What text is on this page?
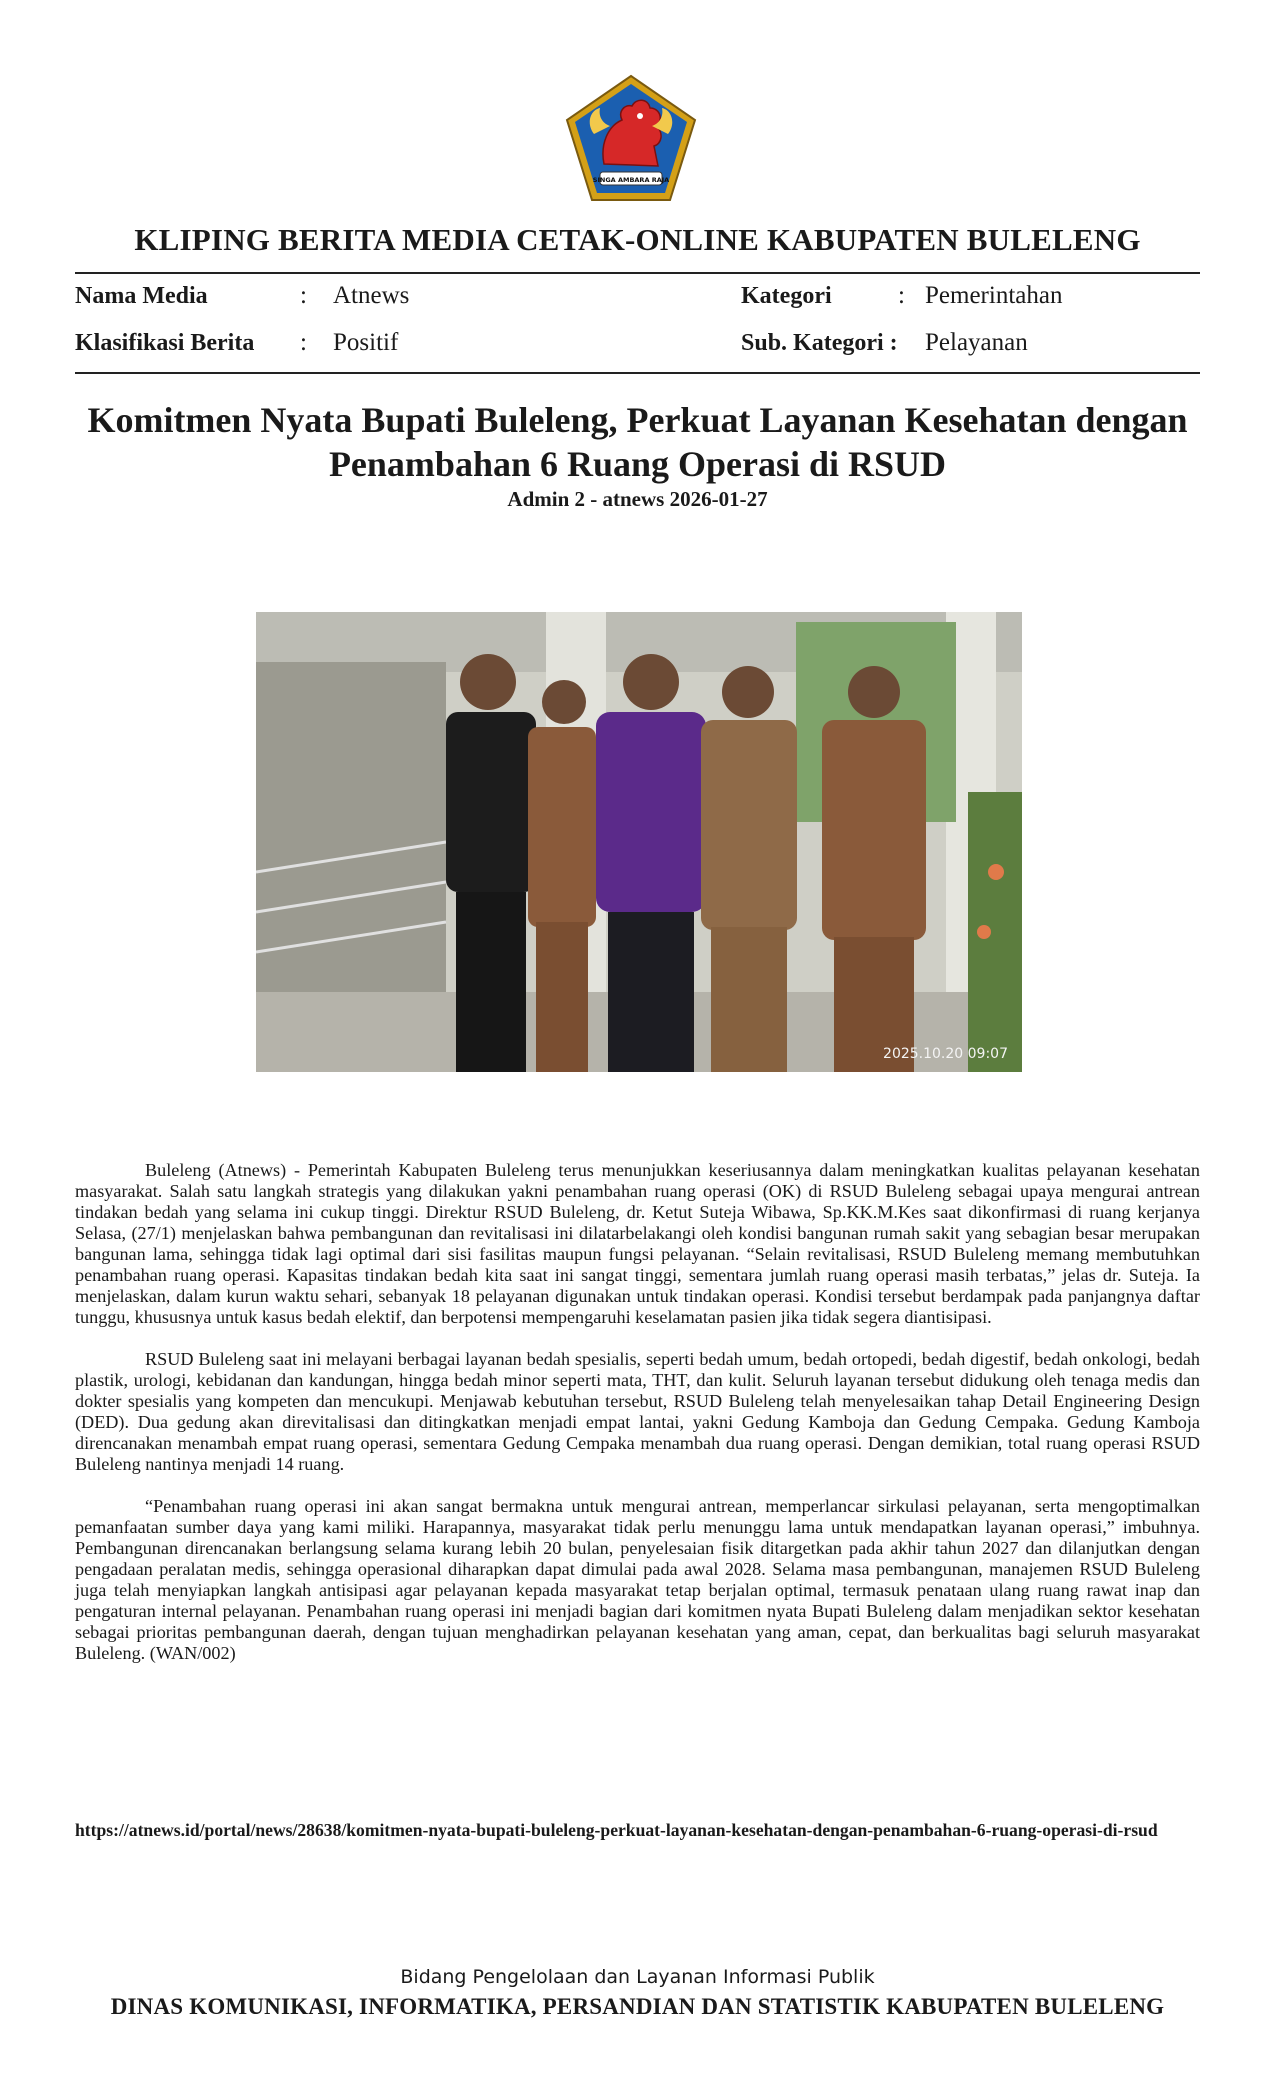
SINGA AMBARA RAJA
KLIPING BERITA MEDIA CETAK-ONLINE KABUPATEN BULELENG
Nama Media	: Atnews
Klasifikasi Berita : Positif
Kategori	: Pemerintahan
Sub. Kategori : Pelayanan
Komitmen Nyata Bupati Buleleng, Perkuat Layanan Kesehatan dengan
Penambahan 6 Ruang Operasi di RSUD
Admin 2 - atnews 2026-01-27
2025.10.20 09:07

Buleleng (Atnews) - Pemerintah Kabupaten Buleleng terus menunjukkan keseriusannya dalam meningkatkan kualitas pelayanan kesehatan masyarakat. Salah satu langkah strategis yang dilakukan yakni penambahan ruang operasi (OK) di RSUD Buleleng sebagai upaya mengurai antrean tindakan bedah yang selama ini cukup tinggi. Direktur RSUD Buleleng, dr. Ketut Suteja Wibawa, Sp.KK.M.Kes saat dikonfirmasi di ruang kerjanya Selasa, (27/1) menjelaskan bahwa pembangunan dan revitalisasi ini dilatarbelakangi oleh kondisi bangunan rumah sakit yang sebagian besar merupakan bangunan lama, sehingga tidak lagi optimal dari sisi fasilitas maupun fungsi pelayanan. “Selain revitalisasi, RSUD Buleleng memang membutuhkan penambahan ruang operasi. Kapasitas tindakan bedah kita saat ini sangat tinggi, sementara jumlah ruang operasi masih terbatas,” jelas dr. Suteja. Ia menjelaskan, dalam kurun waktu sehari, sebanyak 18 pelayanan digunakan untuk tindakan operasi. Kondisi tersebut berdampak pada panjangnya daftar tunggu, khususnya untuk kasus bedah elektif, dan berpotensi mempengaruhi keselamatan pasien jika tidak segera diantisipasi.

RSUD Buleleng saat ini melayani berbagai layanan bedah spesialis, seperti bedah umum, bedah ortopedi, bedah digestif, bedah onkologi, bedah plastik, urologi, kebidanan dan kandungan, hingga bedah minor seperti mata, THT, dan kulit. Seluruh layanan tersebut didukung oleh tenaga medis dan dokter spesialis yang kompeten dan mencukupi. Menjawab kebutuhan tersebut, RSUD Buleleng telah menyelesaikan tahap Detail Engineering Design (DED). Dua gedung akan direvitalisasi dan ditingkatkan menjadi empat lantai, yakni Gedung Kamboja dan Gedung Cempaka. Gedung Kamboja direncanakan menambah empat ruang operasi, sementara Gedung Cempaka menambah dua ruang operasi. Dengan demikian, total ruang operasi RSUD Buleleng nantinya menjadi 14 ruang.

“Penambahan ruang operasi ini akan sangat bermakna untuk mengurai antrean, memperlancar sirkulasi pelayanan, serta mengoptimalkan pemanfaatan sumber daya yang kami miliki. Harapannya, masyarakat tidak perlu menunggu lama untuk mendapatkan layanan operasi,” imbuhnya. Pembangunan direncanakan berlangsung selama kurang lebih 20 bulan, penyelesaian fisik ditargetkan pada akhir tahun 2027 dan dilanjutkan dengan pengadaan peralatan medis, sehingga operasional diharapkan dapat dimulai pada awal 2028. Selama masa pembangunan, manajemen RSUD Buleleng juga telah menyiapkan langkah antisipasi agar pelayanan kepada masyarakat tetap berjalan optimal, termasuk penataan ulang ruang rawat inap dan pengaturan internal pelayanan. Penambahan ruang operasi ini menjadi bagian dari komitmen nyata Bupati Buleleng dalam menjadikan sektor kesehatan sebagai prioritas pembangunan daerah, dengan tujuan menghadirkan pelayanan kesehatan yang aman, cepat, dan berkualitas bagi seluruh masyarakat Buleleng. (WAN/002)

https://atnews.id/portal/news/28638/komitmen-nyata-bupati-buleleng-perkuat-layanan-kesehatan-dengan-penambahan-6-ruang-operasi-di-rsud
Bidang Pengelolaan dan Layanan Informasi Publik
DINAS KOMUNIKASI, INFORMATIKA, PERSANDIAN DAN STATISTIK KABUPATEN BULELENG
